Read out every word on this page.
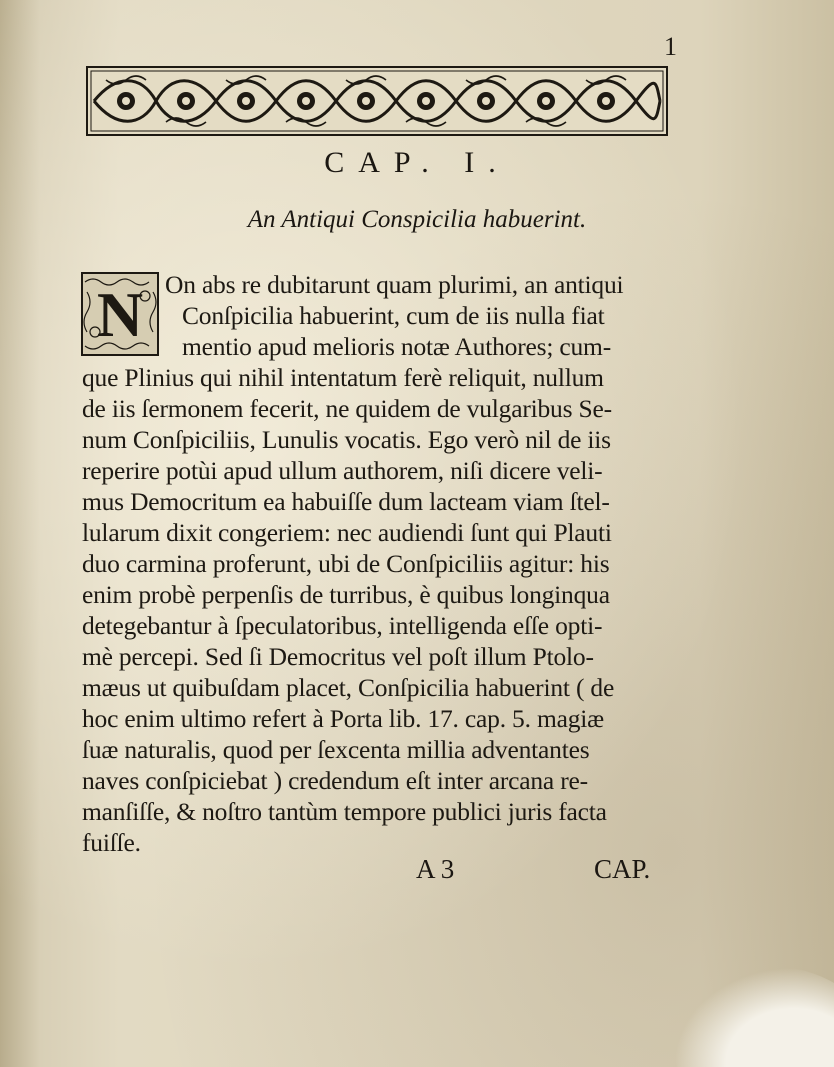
1
CAP. I.
An Antiqui Conspicilia habuerint.
N On abs re dubitarunt quam plurimi, an antiqui

Conſpicilia habuerint, cum de iis nulla fiat

mentio apud melioris notæ Authores; cum-

que Plinius qui nihil intentatum ferè reliquit, nullum

de iis ſermonem fecerit, ne quidem de vulgaribus Se-

num Conſpiciliis, Lunulis vocatis. Ego verò nil de iis

reperire potùi apud ullum authorem, niſi dicere veli-

mus Democritum ea habuiſſe dum lacteam viam ſtel-

lularum dixit congeriem: nec audiendi ſunt qui Plauti

duo carmina proferunt, ubi de Conſpiciliis agitur: his

enim probè perpenſis de turribus, è quibus longinqua

detegebantur à ſpeculatoribus, intelligenda eſſe opti-

mè percepi. Sed ſi Democritus vel poſt illum Ptolo-

mæus ut quibuſdam placet, Conſpicilia habuerint ( de

hoc enim ultimo refert à Porta lib. 17. cap. 5. magiæ

ſuæ naturalis, quod per ſexcenta millia adventantes

naves conſpiciebat ) credendum eſt inter arcana re-

manſiſſe, & noſtro tantùm tempore publici juris facta

fuiſſe.

A 3	CAP.
